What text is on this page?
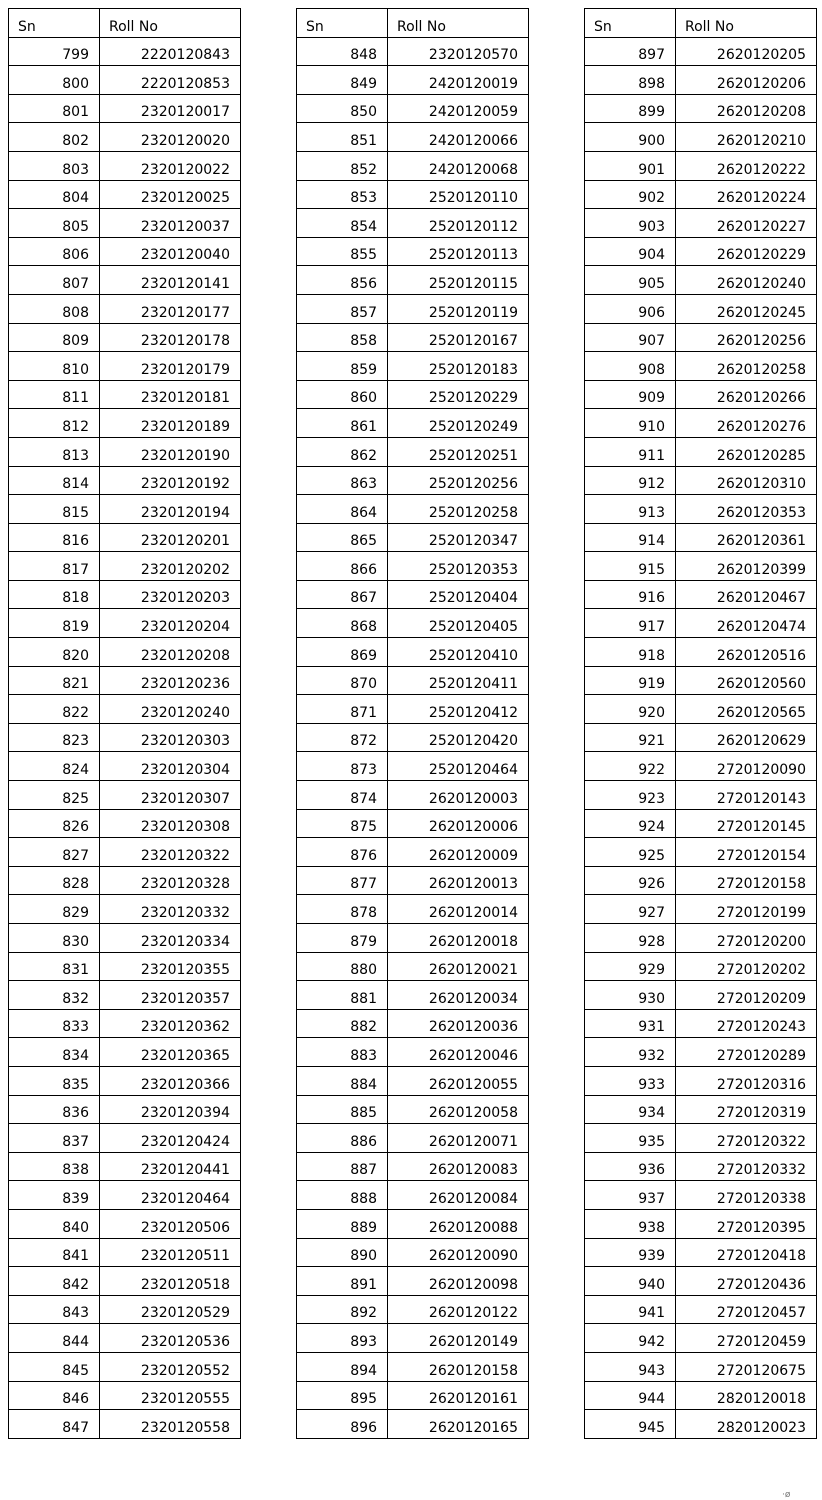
Sn	Roll No
799	2220120843
800	2220120853
801	2320120017
802	2320120020
803	2320120022
804	2320120025
805	2320120037
806	2320120040
807	2320120141
808	2320120177
809	2320120178
810	2320120179
811	2320120181
812	2320120189
813	2320120190
814	2320120192
815	2320120194
816	2320120201
817	2320120202
818	2320120203
819	2320120204
820	2320120208
821	2320120236
822	2320120240
823	2320120303
824	2320120304
825	2320120307
826	2320120308
827	2320120322
828	2320120328
829	2320120332
830	2320120334
831	2320120355
832	2320120357
833	2320120362
834	2320120365
835	2320120366
836	2320120394
837	2320120424
838	2320120441
839	2320120464
840	2320120506
841	2320120511
842	2320120518
843	2320120529
844	2320120536
845	2320120552
846	2320120555
847	2320120558
Sn	Roll No
848	2320120570
849	2420120019
850	2420120059
851	2420120066
852	2420120068
853	2520120110
854	2520120112
855	2520120113
856	2520120115
857	2520120119
858	2520120167
859	2520120183
860	2520120229
861	2520120249
862	2520120251
863	2520120256
864	2520120258
865	2520120347
866	2520120353
867	2520120404
868	2520120405
869	2520120410
870	2520120411
871	2520120412
872	2520120420
873	2520120464
874	2620120003
875	2620120006
876	2620120009
877	2620120013
878	2620120014
879	2620120018
880	2620120021
881	2620120034
882	2620120036
883	2620120046
884	2620120055
885	2620120058
886	2620120071
887	2620120083
888	2620120084
889	2620120088
890	2620120090
891	2620120098
892	2620120122
893	2620120149
894	2620120158
895	2620120161
896	2620120165
Sn	Roll No
897	2620120205
898	2620120206
899	2620120208
900	2620120210
901	2620120222
902	2620120224
903	2620120227
904	2620120229
905	2620120240
906	2620120245
907	2620120256
908	2620120258
909	2620120266
910	2620120276
911	2620120285
912	2620120310
913	2620120353
914	2620120361
915	2620120399
916	2620120467
917	2620120474
918	2620120516
919	2620120560
920	2620120565
921	2620120629
922	2720120090
923	2720120143
924	2720120145
925	2720120154
926	2720120158
927	2720120199
928	2720120200
929	2720120202
930	2720120209
931	2720120243
932	2720120289
933	2720120316
934	2720120319
935	2720120322
936	2720120332
937	2720120338
938	2720120395
939	2720120418
940	2720120436
941	2720120457
942	2720120459
943	2720120675
944	2820120018
945	2820120023
‧ø
